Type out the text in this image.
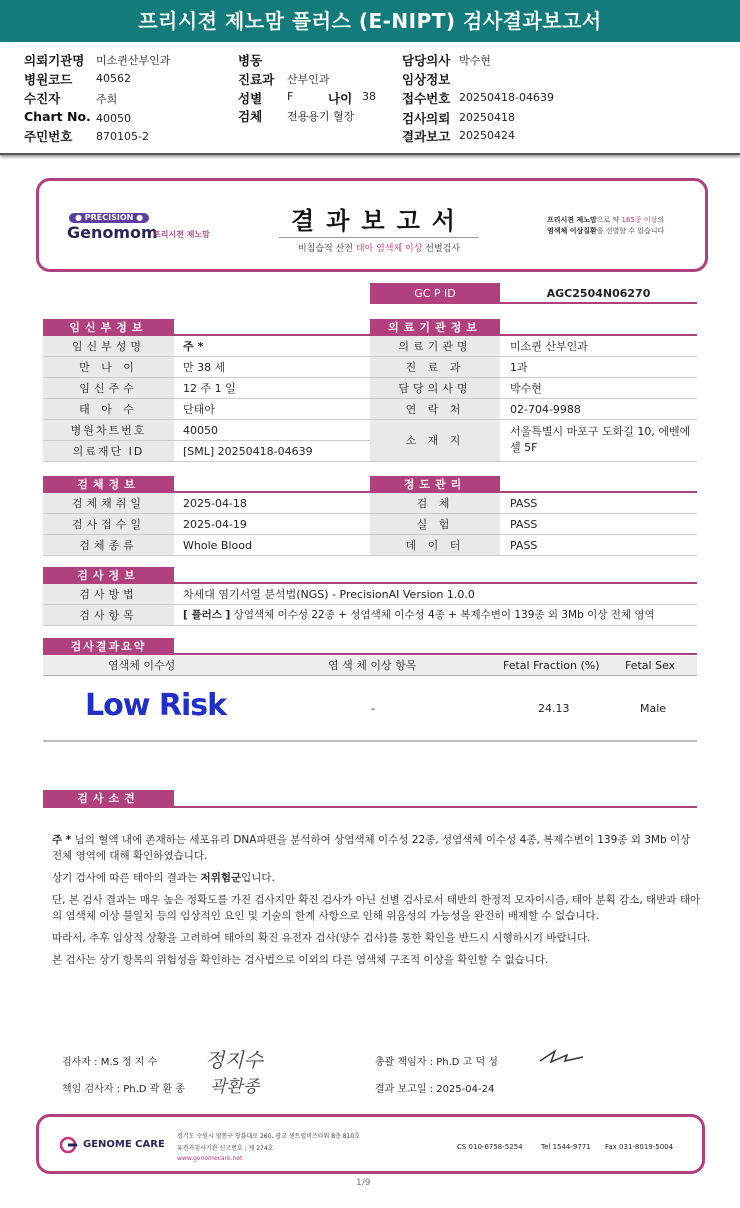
프리시젼 제노맘 플러스 (E-NIPT) 검사결과보고서
의뢰기관명 미소퀸산부인과
병원코드 40562
수진자	주희
Chart No. 40050
주민번호 870105-2
병동
진료과 산부인과
성별 F	나이 38
검체 전용용기 혈장
담당의사 박수현
임상정보
접수번호 20250418-04639
검사의뢰 20250418
결과보고 20250424
● PRECISION ●
Genomom
프리시젼 제노맘	결과보고서
비침습적 산전 태아 염색체 이상 선별검사
프리시젼 제노맘으로 약 165종 이상의
염색체 이상질환을 선별할 수 있습니다
GC P ID	AGC2504N06270
임신부정보	의료기관정보
임신부성명	주 *
만 나 이	만 38 세
임신주수	12 주 1 일
태 아 수	단태아
병원차트번호	40050
의료재단 ID	[SML] 20250418-04639
의료기관명	미소퀸 산부인과
진 료 과	1과
담당의사명	박수현
연 락 처	02-704-9988
소 재 지
서울특별시 마포구 도화길 10, 에벤에셀 5F
검체정보	정도관리
검체채취일	2025-04-18
검사접수일	2025-04-19
검체종류	Whole Blood
검 체	PASS
실 험	PASS
데 이 터	PASS
검사정보
검사방법	차세대 염기서열 분석법(NGS) - PrecisionAI Version 1.0.0
검사항목	[ 플러스 ] 상염색체 이수성 22종 + 성염색체 이수성 4종 + 복제수변이 139종 외 3Mb 이상 전체 영역
검사결과요약
염색체 이수성	염 색 체 이상 항목	Fetal Fraction (%) Fetal Sex
Low Risk	-	24.13	Male
검사소견
주 * 님의 혈액 내에 존재하는 세포유리 DNA파편을 분석하여 상염색체 이수성 22종, 성염색체 이수성 4종, 복제수변이 139종 외 3Mb 이상 전체 영역에 대해 확인하였습니다.
상기 검사에 따른 태아의 결과는 저위험군입니다.
단, 본 검사 결과는 매우 높은 정확도를 가진 검사지만 확진 검사가 아닌 선별 검사로서 태반의 한정적 모자이시즘, 태아 분획 감소, 태반과 태아의 염색체 이상 불일치 등의 임상적인 요인 및 기술의 한계 사항으로 인해 위음성의 가능성을 완전히 배제할 수 없습니다.
따라서, 추후 임상적 상황을 고려하여 태아의 확진 유전자 검사(양수 검사)를 통한 확인을 반드시 시행하시기 바랍니다.
본 검사는 상기 항목의 위험성을 확인하는 검사법으로 이외의 다른 염색체 구조적 이상을 확인할 수 없습니다.
검사자 : M.S 정 지 수 정지수
책임 검사자 : Ph.D 곽 환 종 곽환종
총괄 책임자 : Ph.D 고 덕 성
결과 보고일 : 2025-04-24
GENOME CARE
경기도 수원시 영통구 창룡대로 260, 광교 센트럴비즈타워 8층 810호
유전자검사기관 신고번호 : 제 274호
www.genomecare.net
CS 010-6758-5254	Tel 1544-9771 Fax 031-8019-5004
1/9
